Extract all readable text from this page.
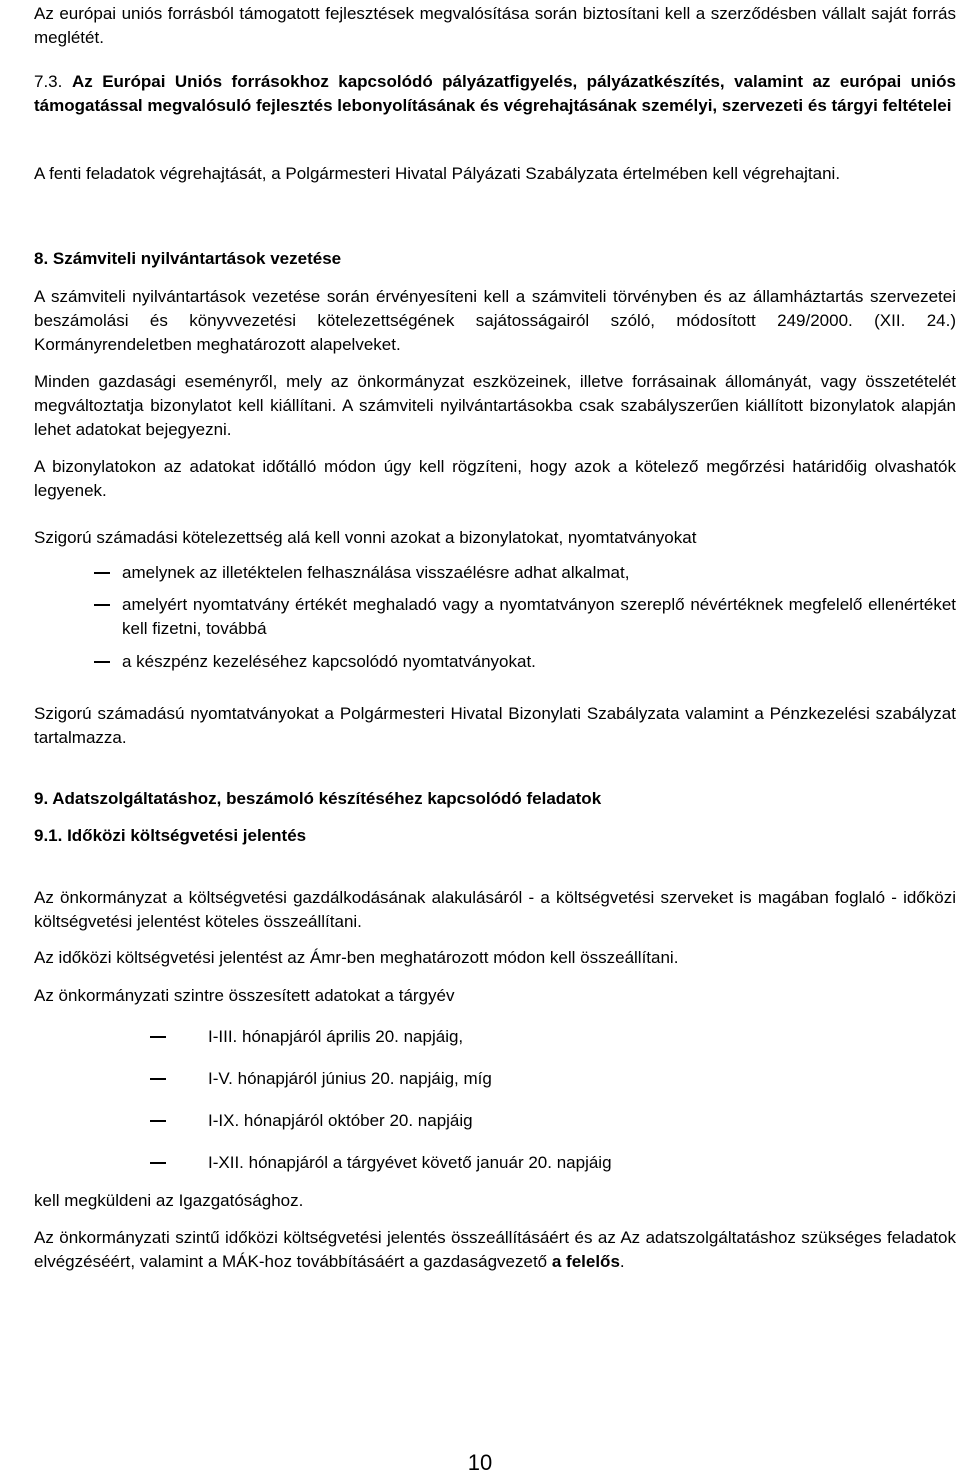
Az európai uniós forrásból támogatott fejlesztések megvalósítása során biztosítani kell a szerződésben vállalt saját forrás meglétét.

7.3. Az Európai Uniós forrásokhoz kapcsolódó pályázatfigyelés, pályázatkészítés, valamint az európai uniós támogatással megvalósuló fejlesztés lebonyolításának és végrehajtásának személyi, szervezeti és tárgyi feltételei

A fenti feladatok végrehajtását, a Polgármesteri Hivatal Pályázati Szabályzata értelmében kell végrehajtani.

8. Számviteli nyilvántartások vezetése

A számviteli nyilvántartások vezetése során érvényesíteni kell a számviteli törvényben és az államháztartás szervezetei beszámolási és könyvvezetési kötelezettségének sajátosságairól szóló, módosított 249/2000. (XII. 24.) Kormányrendeletben meghatározott alapelveket.

Minden gazdasági eseményről, mely az önkormányzat eszközeinek, illetve forrásainak állományát, vagy összetételét megváltoztatja bizonylatot kell kiállítani. A számviteli nyilvántartásokba csak szabályszerűen kiállított bizonylatok alapján lehet adatokat bejegyezni.

A bizonylatokon az adatokat időtálló módon úgy kell rögzíteni, hogy azok a kötelező megőrzési határidőig olvashatók legyenek.

Szigorú számadási kötelezettség alá kell vonni azokat a bizonylatokat, nyomtatványokat

amelynek az illetéktelen felhasználása visszaélésre adhat alkalmat,

amelyért nyomtatvány értékét meghaladó vagy a nyomtatványon szereplő névértéknek megfelelő ellenértéket kell fizetni, továbbá

a készpénz kezeléséhez kapcsolódó nyomtatványokat.

Szigorú számadású nyomtatványokat a Polgármesteri Hivatal Bizonylati Szabályzata valamint a Pénzkezelési szabályzat tartalmazza.

9. Adatszolgáltatáshoz, beszámoló készítéséhez kapcsolódó feladatok

9.1. Időközi költségvetési jelentés

Az önkormányzat a költségvetési gazdálkodásának alakulásáról - a költségvetési szerveket is magában foglaló - időközi költségvetési jelentést köteles összeállítani.

Az időközi költségvetési jelentést az Ámr-ben meghatározott módon kell összeállítani.

Az önkormányzati szintre összesített adatokat a tárgyév

I-III. hónapjáról április 20. napjáig,

I-V. hónapjáról június 20. napjáig, míg

I-IX. hónapjáról október 20. napjáig

I-XII. hónapjáról a tárgyévet követő január 20. napjáig

kell megküldeni az Igazgatósághoz.

Az önkormányzati szintű időközi költségvetési jelentés összeállításáért és az Az adatszolgáltatáshoz szükséges feladatok elvégzéséért, valamint a MÁK-hoz továbbításáért a gazdaságvezető a felelős.

10
